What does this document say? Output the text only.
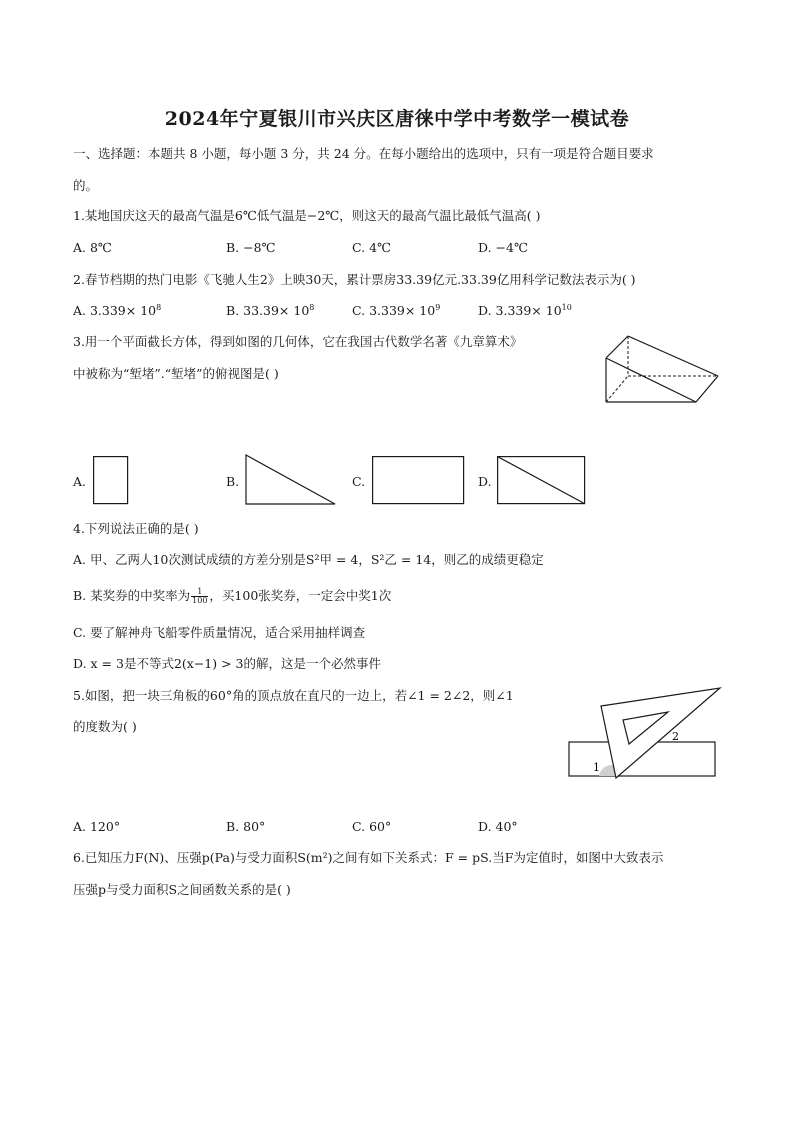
2024年宁夏银川市兴庆区唐徕中学中考数学一模试卷
一、选择题：本题共 8 小题，每小题 3 分，共 24 分。在每小题给出的选项中，只有一项是符合题目要求
的。
1.某地国庆这天的最高气温是6℃低气温是−2℃，则这天的最高气温比最低气温高( )
A. 8℃	B. −8℃	C. 4℃	D. −4℃
2.春节档期的热门电影《飞驰人生2》上映30天，累计票房33.39亿元.33.39亿用科学记数法表示为( )
A. $3.339\times 10^8$	B. $33.39\times 10^8$	C. $3.339\times 10^9$	D. $3.339\times 10^{10}$
3.用一个平面截长方体，得到如图的几何体，它在我国古代数学名著《九章算术》
中被称为“堑堵”.“堑堵”的俯视图是( )
A.	B.	C.	D.
4.下列说法正确的是( )
A. 甲、乙两人10次测试成绩的方差分别是S²甲 = 4，S²乙 = 14，则乙的成绩更稳定
B. 某奖券的中奖率为 $\frac{1}{100}$ ，买100张奖券，一定会中奖1次
C. 要了解神舟飞船零件质量情况，适合采用抽样调查
D. x = 3是不等式2(x−1) > 3的解，这是一个必然事件
5.如图，把一块三角板的60°角的顶点放在直尺的一边上，若∠1 = 2∠2，则∠1
的度数为( )
1
2
A. 120°	B. 80°	C. 60°	D. 40°
6.已知压力F(N)、压强p(Pa)与受力面积S(m²)之间有如下关系式：F = pS.当F为定值时，如图中大致表示
压强p与受力面积S之间函数关系的是( )
